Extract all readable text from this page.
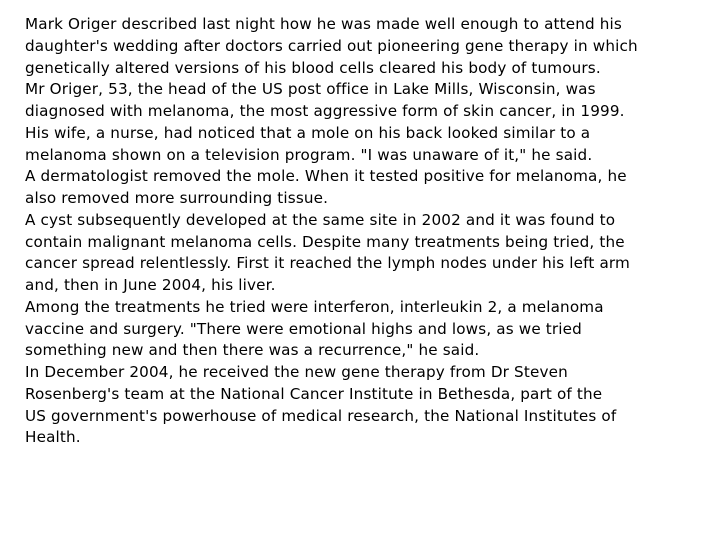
Mark Origer described last night how he was made well enough to attend his
daughter's wedding after doctors carried out pioneering gene therapy in which
genetically altered versions of his blood cells cleared his body of tumours.
Mr Origer, 53, the head of the US post office in Lake Mills, Wisconsin, was
diagnosed with melanoma, the most aggressive form of skin cancer, in 1999.
His wife, a nurse, had noticed that a mole on his back looked similar to a
melanoma shown on a television program. "I was unaware of it," he said.
A dermatologist removed the mole. When it tested positive for melanoma, he
also removed more surrounding tissue.
A cyst subsequently developed at the same site in 2002 and it was found to
contain malignant melanoma cells. Despite many treatments being tried, the
cancer spread relentlessly. First it reached the lymph nodes under his left arm
and, then in June 2004, his liver.
Among the treatments he tried were interferon, interleukin 2, a melanoma
vaccine and surgery. "There were emotional highs and lows, as we tried
something new and then there was a recurrence," he said.
In December 2004, he received the new gene therapy from Dr Steven
Rosenberg's team at the National Cancer Institute in Bethesda, part of the
US government's powerhouse of medical research, the National Institutes of
Health.
